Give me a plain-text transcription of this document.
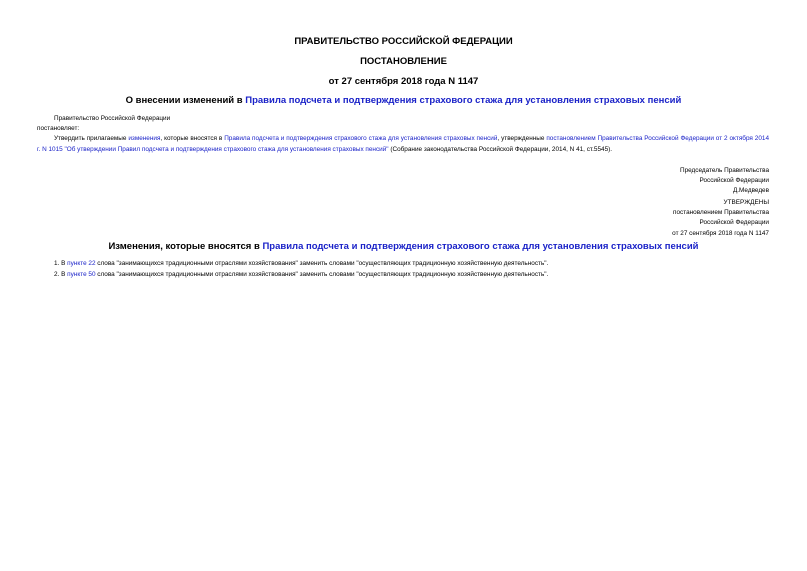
ПРАВИТЕЛЬСТВО РОССИЙСКОЙ ФЕДЕРАЦИИ
ПОСТАНОВЛЕНИЕ
от 27 сентября 2018 года N 1147
О внесении изменений в Правила подсчета и подтверждения страхового стажа для установления страховых пенсий
Правительство Российской Федерации
постановляет:
Утвердить прилагаемые изменения, которые вносятся в Правила подсчета и подтверждения страхового стажа для установления страховых пенсий, утвержденные постановлением Правительства Российской Федерации от 2 октября 2014 г. N 1015 "Об утверждении Правил подсчета и подтверждения страхового стажа для установления страховых пенсий" (Собрание законодательства Российской Федерации, 2014, N 41, ст.5545).
Председатель Правительства
Российской Федерации
Д.Медведев
УТВЕРЖДЕНЫ
постановлением Правительства
Российской Федерации
от 27 сентября 2018 года N 1147
Изменения, которые вносятся в Правила подсчета и подтверждения страхового стажа для установления страховых пенсий
1. В пункте 22 слова "занимающихся традиционными отраслями хозяйствования" заменить словами "осуществляющих традиционную хозяйственную деятельность".
2. В пункте 50 слова "занимающихся традиционными отраслями хозяйствования" заменить словами "осуществляющих традиционную хозяйственную деятельность".
